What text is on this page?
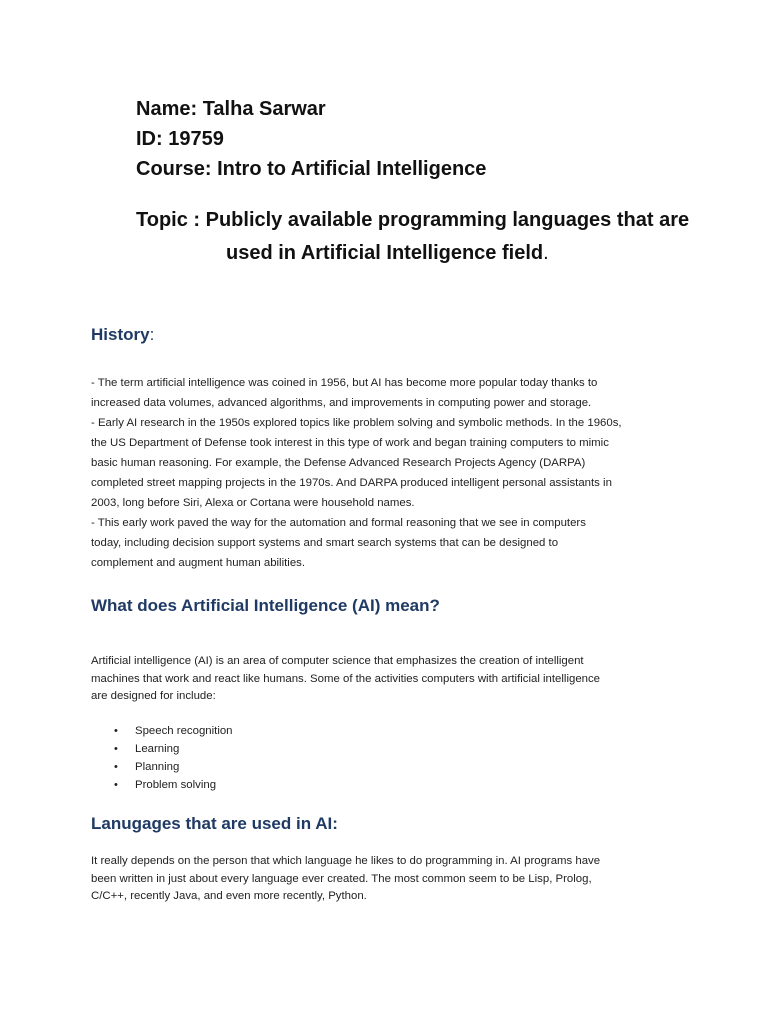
Name: Talha Sarwar
ID: 19759
Course: Intro to Artificial Intelligence
Topic : Publicly available programming languages that are
used in Artificial Intelligence field.
History:
- The term artificial intelligence was coined in 1956, but AI has become more popular today thanks to
increased data volumes, advanced algorithms, and improvements in computing power and storage.
- Early AI research in the 1950s explored topics like problem solving and symbolic methods. In the 1960s,
the US Department of Defense took interest in this type of work and began training computers to mimic
basic human reasoning. For example, the Defense Advanced Research Projects Agency (DARPA)
completed street mapping projects in the 1970s. And DARPA produced intelligent personal assistants in
2003, long before Siri, Alexa or Cortana were household names.
- This early work paved the way for the automation and formal reasoning that we see in computers
today, including decision support systems and smart search systems that can be designed to
complement and augment human abilities.
What does Artificial Intelligence (AI) mean?
Artificial intelligence (AI) is an area of computer science that emphasizes the creation of intelligent
machines that work and react like humans. Some of the activities computers with artificial intelligence
are designed for include:
• Speech recognition
• Learning
• Planning
• Problem solving
Lanugages that are used in AI:
It really depends on the person that which language he likes to do programming in. AI programs have
been written in just about every language ever created. The most common seem to be Lisp, Prolog,
C/C++, recently Java, and even more recently, Python.
